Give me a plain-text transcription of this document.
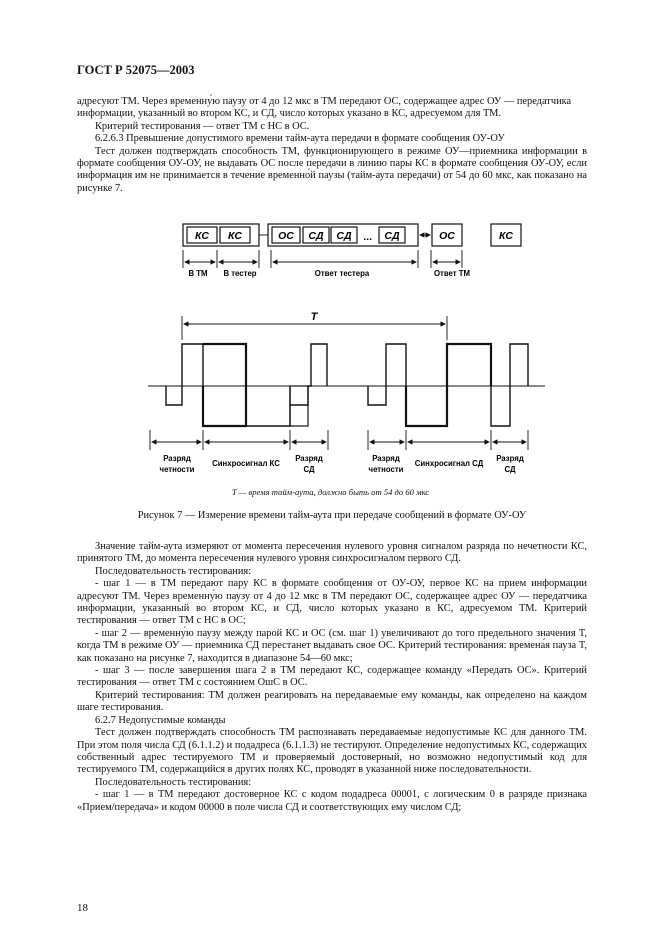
ГОСТ Р 52075—2003

адресуют ТМ. Через временну́ю паузу от 4 до 12 мкс в ТМ передают ОС, содержащее адрес ОУ — передатчика информации, указанный во втором КС, и СД, число которых указано в КС, адресуемом для ТМ.

Критерий тестирования — ответ ТМ с НС в ОС.

6.2.6.3 Превышение допустимого времени тайм-аута передачи в формате сообщения ОУ-ОУ

Тест должен подтверждать способность ТМ, функционирующего в режиме ОУ—приемника информации в формате сообщения ОУ-ОУ, не выдавать ОС после передачи в линию пары КС в формате сообщения ОУ-ОУ, если информация им не принимается в течение временно́й паузы (тайм-аута передачи) от 54 до 60 мкс, как показано на рисунке 7.

КС КС	ОС СД СД ... СД	ОС	КС
В ТМ В тестер	Ответ тестера	Ответ ТМ
T
Разряд
четности
Синхросигнал КС
Разряд
СД
Разряд
четности
Синхросигнал СД
Разряд
СД
T — время тайм-аута, должно быть от 54 до 60 мкс
Рисунок 7 — Измерение времени тайм-аута при передаче сообщений в формате ОУ-ОУ

Значение тайм-аута измеряют от момента пересечения нулевого уровня сигналом разряда по нечетности КС, принятого ТМ, до момента пересечения нулевого уровня синхросигналом первого СД.

Последовательность тестирования:

- шаг 1 — в ТМ передают пару КС в формате сообщения от ОУ-ОУ, первое КС на прием информации адресуют ТМ. Через временну́ю паузу от 4 до 12 мкс в ТМ передают ОС, содержащее адрес ОУ — передатчика информации, указанный во втором КС, и СД, число которых указано в КС, адресуемом ТМ. Критерий тестирования — ответ ТМ с НС в ОС;

- шаг 2 — временну́ю паузу между парой КС и ОС (см. шаг 1) увеличивают до того предельного значения T, когда ТМ в режиме ОУ — приемника СД перестанет выдавать свое ОС. Критерий тестирования: времена́я пауза T, как показано на рисунке 7, находится в диапазоне 54—60 мкс;

- шаг 3 — после завершения шага 2 в ТМ передают КС, содержащее команду «Передать ОС». Критерий тестирования — ответ ТМ с состоянием ОшС в ОС.

Критерий тестирования: ТМ должен реагировать на передаваемые ему команды, как определено на каждом шаге тестирования.

6.2.7 Недопустимые команды

Тест должен подтверждать способность ТМ распознавать передаваемые недопустимые КС для данного ТМ. При этом поля числа СД (6.1.1.2) и подадреса (6.1.1.3) не тестируют. Определение недопустимых КС, содержащих собственный адрес тестируемого ТМ и проверяемый достоверный, но возможно недопустимый код для тестируемого ТМ, содержащийся в других полях КС, проводят в указанной ниже последовательности.

Последовательность тестирования:

- шаг 1 — в ТМ передают достоверное КС с кодом подадреса 00001, с логическим 0 в разряде признака «Прием/передача» и кодом 00000 в поле числа СД и соответствующих ему числом СД;

18
